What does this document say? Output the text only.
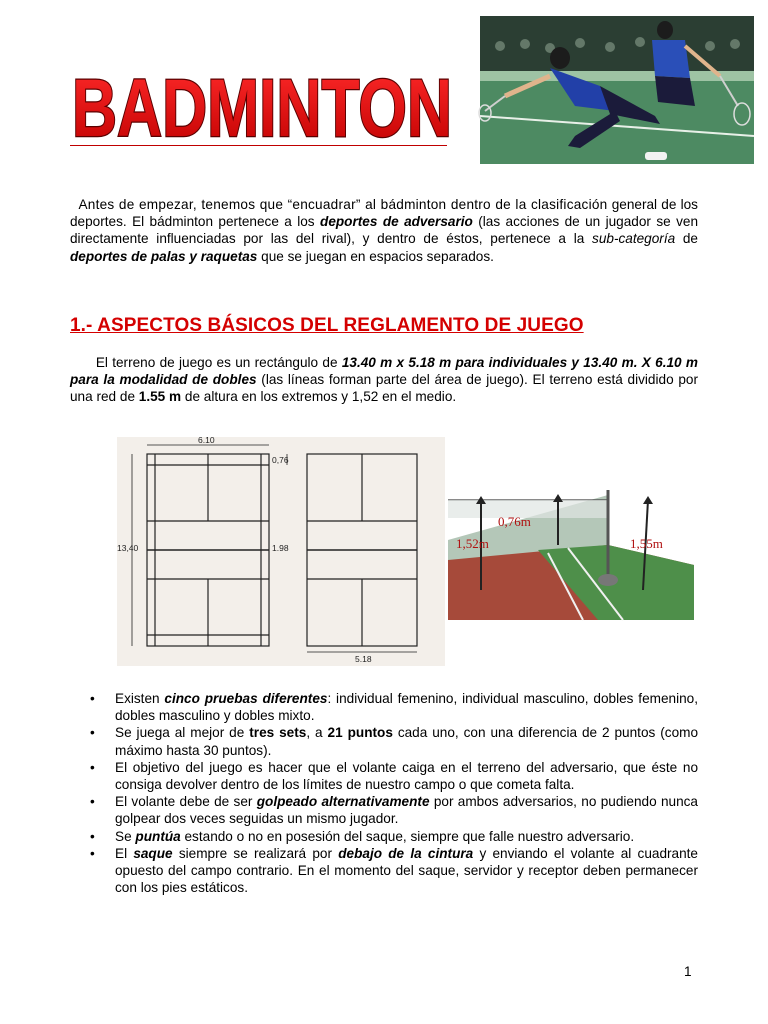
BADMINTON

Antes de empezar, tenemos que “encuadrar” al bádminton dentro de la clasificación general de los deportes. El bádminton pertenece a los deportes de adversario (las acciones de un jugador se ven directamente influenciadas por las del rival), y dentro de éstos, pertenece a la sub-categoría de deportes de palas y raquetas que se juegan en espacios separados.

1.- ASPECTOS BÁSICOS DEL REGLAMENTO DE JUEGO

El terreno de juego es un rectángulo de 13.40 m x 5.18 m para individuales y 13.40 m. X 6.10 m para la modalidad de dobles (las líneas forman parte del área de juego). El terreno está dividido por una red de 1.55 m de altura en los extremos y 1,52 en el medio.

6.10
13,40
0,76
1.98
5.18
0,76m
1,52m	1,55m
• Existen cinco pruebas diferentes: individual femenino, individual masculino, dobles femenino, dobles masculino y dobles mixto.
• Se juega al mejor de tres sets, a 21 puntos cada uno, con una diferencia de 2 puntos (como máximo hasta 30 puntos).
• El objetivo del juego es hacer que el volante caiga en el terreno del adversario, que éste no consiga devolver dentro de los límites de nuestro campo o que cometa falta.
• El volante debe de ser golpeado alternativamente por ambos adversarios, no pudiendo nunca golpear dos veces seguidas un mismo jugador.
• Se puntúa estando o no en posesión del saque, siempre que falle nuestro adversario.
• El saque siempre se realizará por debajo de la cintura y enviando el volante al cuadrante opuesto del campo contrario. En el momento del saque, servidor y receptor deben permanecer con los pies estáticos.
1
